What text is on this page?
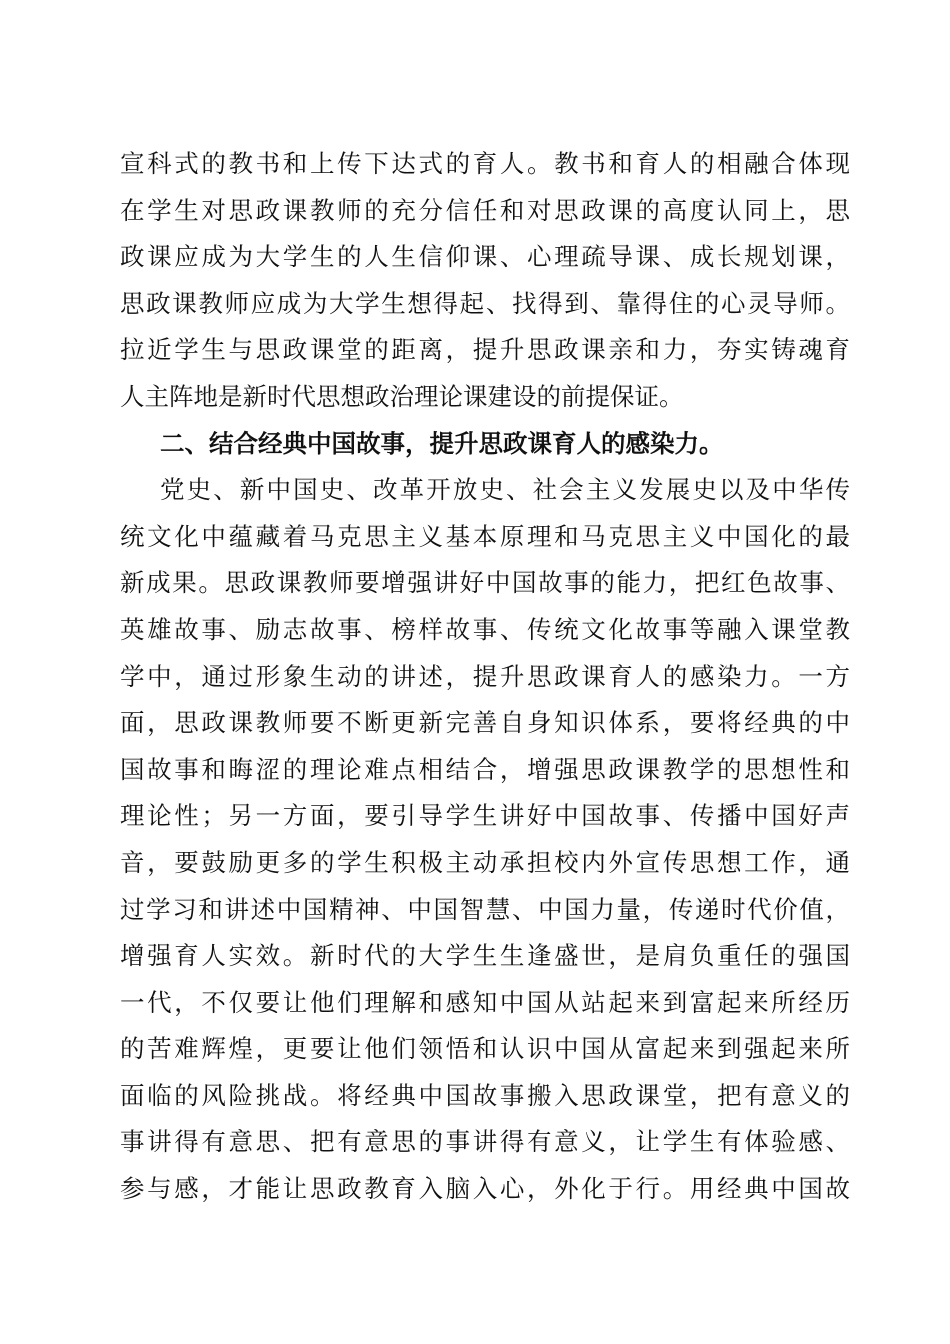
宣科式的教书和上传下达式的育人。教书和育人的相融合体现
在学生对思政课教师的充分信任和对思政课的高度认同上，思
政课应成为大学生的人生信仰课、心理疏导课、成长规划课，
思政课教师应成为大学生想得起、找得到、靠得住的心灵导师。
拉近学生与思政课堂的距离，提升思政课亲和力，夯实铸魂育
人主阵地是新时代思想政治理论课建设的前提保证。
二、结合经典中国故事，提升思政课育人的感染力。
党史、新中国史、改革开放史、社会主义发展史以及中华传
统文化中蕴藏着马克思主义基本原理和马克思主义中国化的最
新成果。思政课教师要增强讲好中国故事的能力，把红色故事、
英雄故事、励志故事、榜样故事、传统文化故事等融入课堂教
学中，通过形象生动的讲述，提升思政课育人的感染力。一方
面，思政课教师要不断更新完善自身知识体系，要将经典的中
国故事和晦涩的理论难点相结合，增强思政课教学的思想性和
理论性；另一方面，要引导学生讲好中国故事、传播中国好声
音，要鼓励更多的学生积极主动承担校内外宣传思想工作，通
过学习和讲述中国精神、中国智慧、中国力量，传递时代价值，
增强育人实效。新时代的大学生生逢盛世，是肩负重任的强国
一代，不仅要让他们理解和感知中国从站起来到富起来所经历
的苦难辉煌，更要让他们领悟和认识中国从富起来到强起来所
面临的风险挑战。将经典中国故事搬入思政课堂，把有意义的
事讲得有意思、把有意思的事讲得有意义，让学生有体验感、
参与感，才能让思政教育入脑入心，外化于行。用经典中国故
